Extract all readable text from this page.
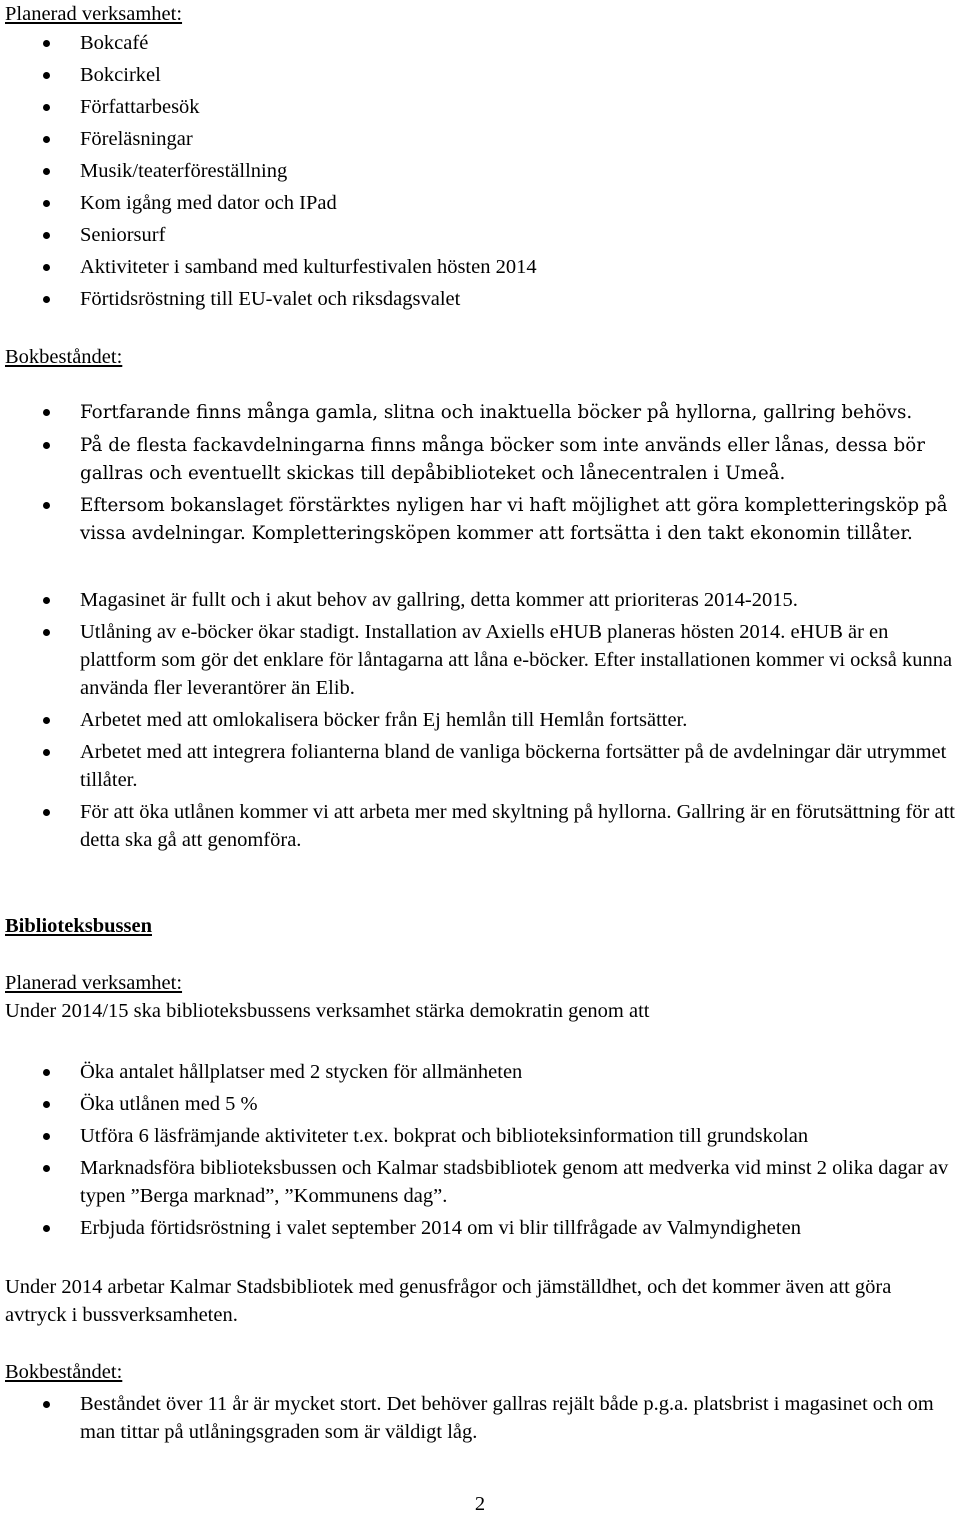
Planerad verksamhet:

Bokcafé
Bokcirkel
Författarbesök
Föreläsningar
Musik/teaterföreställning
Kom igång med dator och IPad
Seniorsurf
Aktiviteter i samband med kulturfestivalen hösten 2014
Förtidsröstning till EU-valet och riksdagsvalet

Bokbeståndet:

Fortfarande finns många gamla, slitna och inaktuella böcker på hyllorna, gallring behövs.
På de flesta fackavdelningarna finns många böcker som inte används eller lånas, dessa bör gallras och eventuellt skickas till depåbiblioteket och lånecentralen i Umeå.
Eftersom bokanslaget förstärktes nyligen har vi haft möjlighet att göra kompletteringsköp på vissa avdelningar. Kompletteringsköpen kommer att fortsätta i den takt ekonomin tillåter.
Magasinet är fullt och i akut behov av gallring, detta kommer att prioriteras 2014-2015.
Utlåning av e-böcker ökar stadigt. Installation av Axiells eHUB planeras hösten 2014. eHUB är en plattform som gör det enklare för låntagarna att låna e-böcker. Efter installationen kommer vi också kunna använda fler leverantörer än Elib.
Arbetet med att omlokalisera böcker från Ej hemlån till Hemlån fortsätter.
Arbetet med att integrera folianterna bland de vanliga böckerna fortsätter på de avdelningar där utrymmet tillåter.
För att öka utlånen kommer vi att arbeta mer med skyltning på hyllorna. Gallring är en förutsättning för att detta ska gå att genomföra.

Biblioteksbussen

Planerad verksamhet:

Under 2014/15 ska biblioteksbussens verksamhet stärka demokratin genom att

Öka antalet hållplatser med 2 stycken för allmänheten
Öka utlånen med 5 %
Utföra 6 läsfrämjande aktiviteter t.ex. bokprat och biblioteksinformation till grundskolan
Marknadsföra biblioteksbussen och Kalmar stadsbibliotek genom att medverka vid minst 2 olika dagar av typen ”Berga marknad”, ”Kommunens dag”.
Erbjuda förtidsröstning i valet september 2014 om vi blir tillfrågade av Valmyndigheten

Under 2014 arbetar Kalmar Stadsbibliotek med genusfrågor och jämställdhet, och det kommer även att göra avtryck i bussverksamheten.

Bokbeståndet:

Beståndet över 11 år är mycket stort. Det behöver gallras rejält både p.g.a. platsbrist i magasinet och om man tittar på utlåningsgraden som är väldigt låg.
2
